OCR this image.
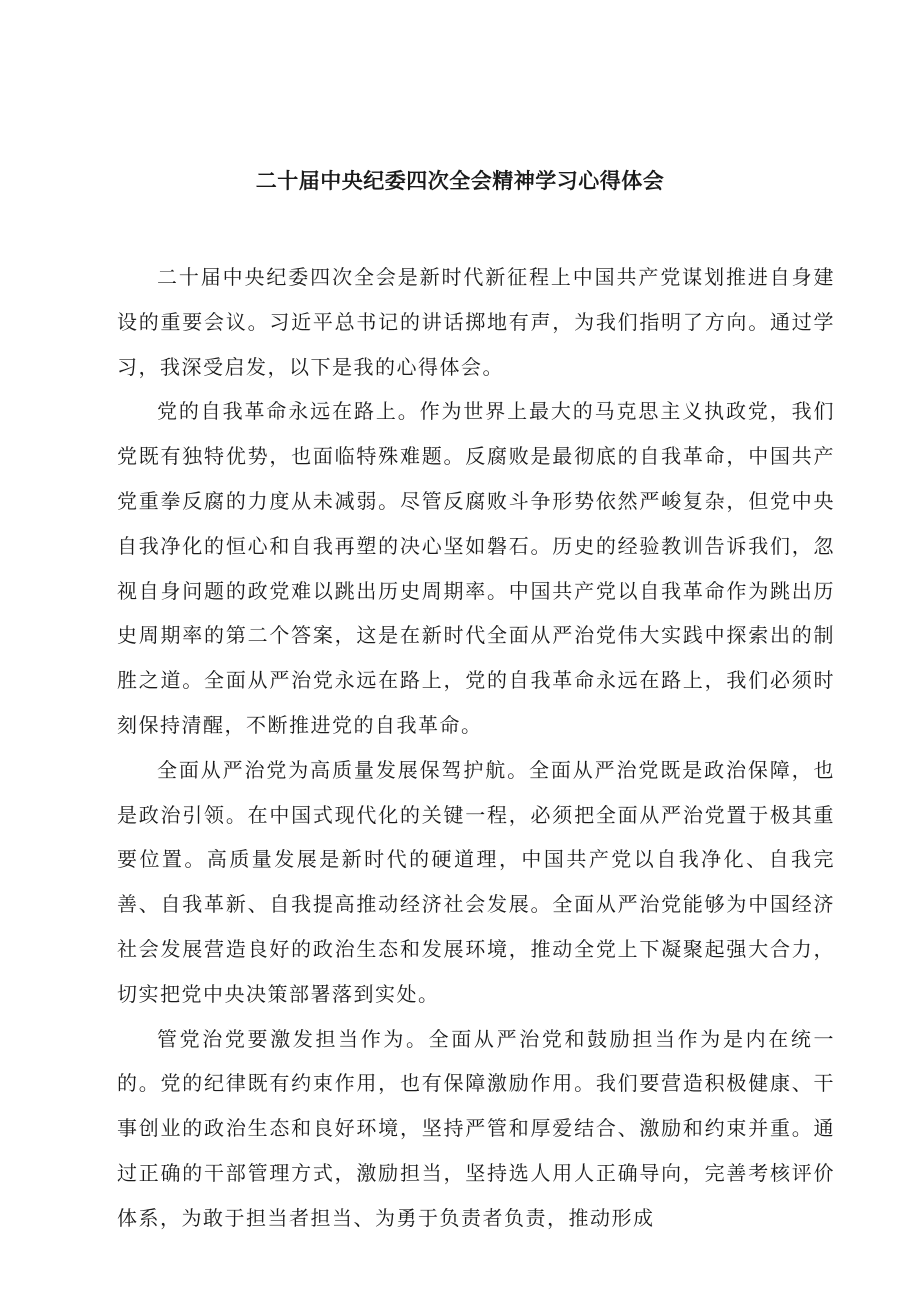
二十届中央纪委四次全会精神学习心得体会

二十届中央纪委四次全会是新时代新征程上中国共产党谋划推进自身建设的重要会议。习近平总书记的讲话掷地有声，为我们指明了方向。通过学习，我深受启发，以下是我的心得体会。

党的自我革命永远在路上。作为世界上最大的马克思主义执政党，我们党既有独特优势，也面临特殊难题。反腐败是最彻底的自我革命，中国共产党重拳反腐的力度从未减弱。尽管反腐败斗争形势依然严峻复杂，但党中央自我净化的恒心和自我再塑的决心坚如磐石。历史的经验教训告诉我们，忽视自身问题的政党难以跳出历史周期率。中国共产党以自我革命作为跳出历史周期率的第二个答案，这是在新时代全面从严治党伟大实践中探索出的制胜之道。全面从严治党永远在路上，党的自我革命永远在路上，我们必须时刻保持清醒，不断推进党的自我革命。

全面从严治党为高质量发展保驾护航。全面从严治党既是政治保障，也是政治引领。在中国式现代化的关键一程，必须把全面从严治党置于极其重要位置。高质量发展是新时代的硬道理，中国共产党以自我净化、自我完善、自我革新、自我提高推动经济社会发展。全面从严治党能够为中国经济社会发展营造良好的政治生态和发展环境，推动全党上下凝聚起强大合力，切实把党中央决策部署落到实处。

管党治党要激发担当作为。全面从严治党和鼓励担当作为是内在统一的。党的纪律既有约束作用，也有保障激励作用。我们要营造积极健康、干事创业的政治生态和良好环境，坚持严管和厚爱结合、激励和约束并重。通过正确的干部管理方式，激励担当，坚持选人用人正确导向，完善考核评价体系，为敢于担当者担当、为勇于负责者负责，推动形成
